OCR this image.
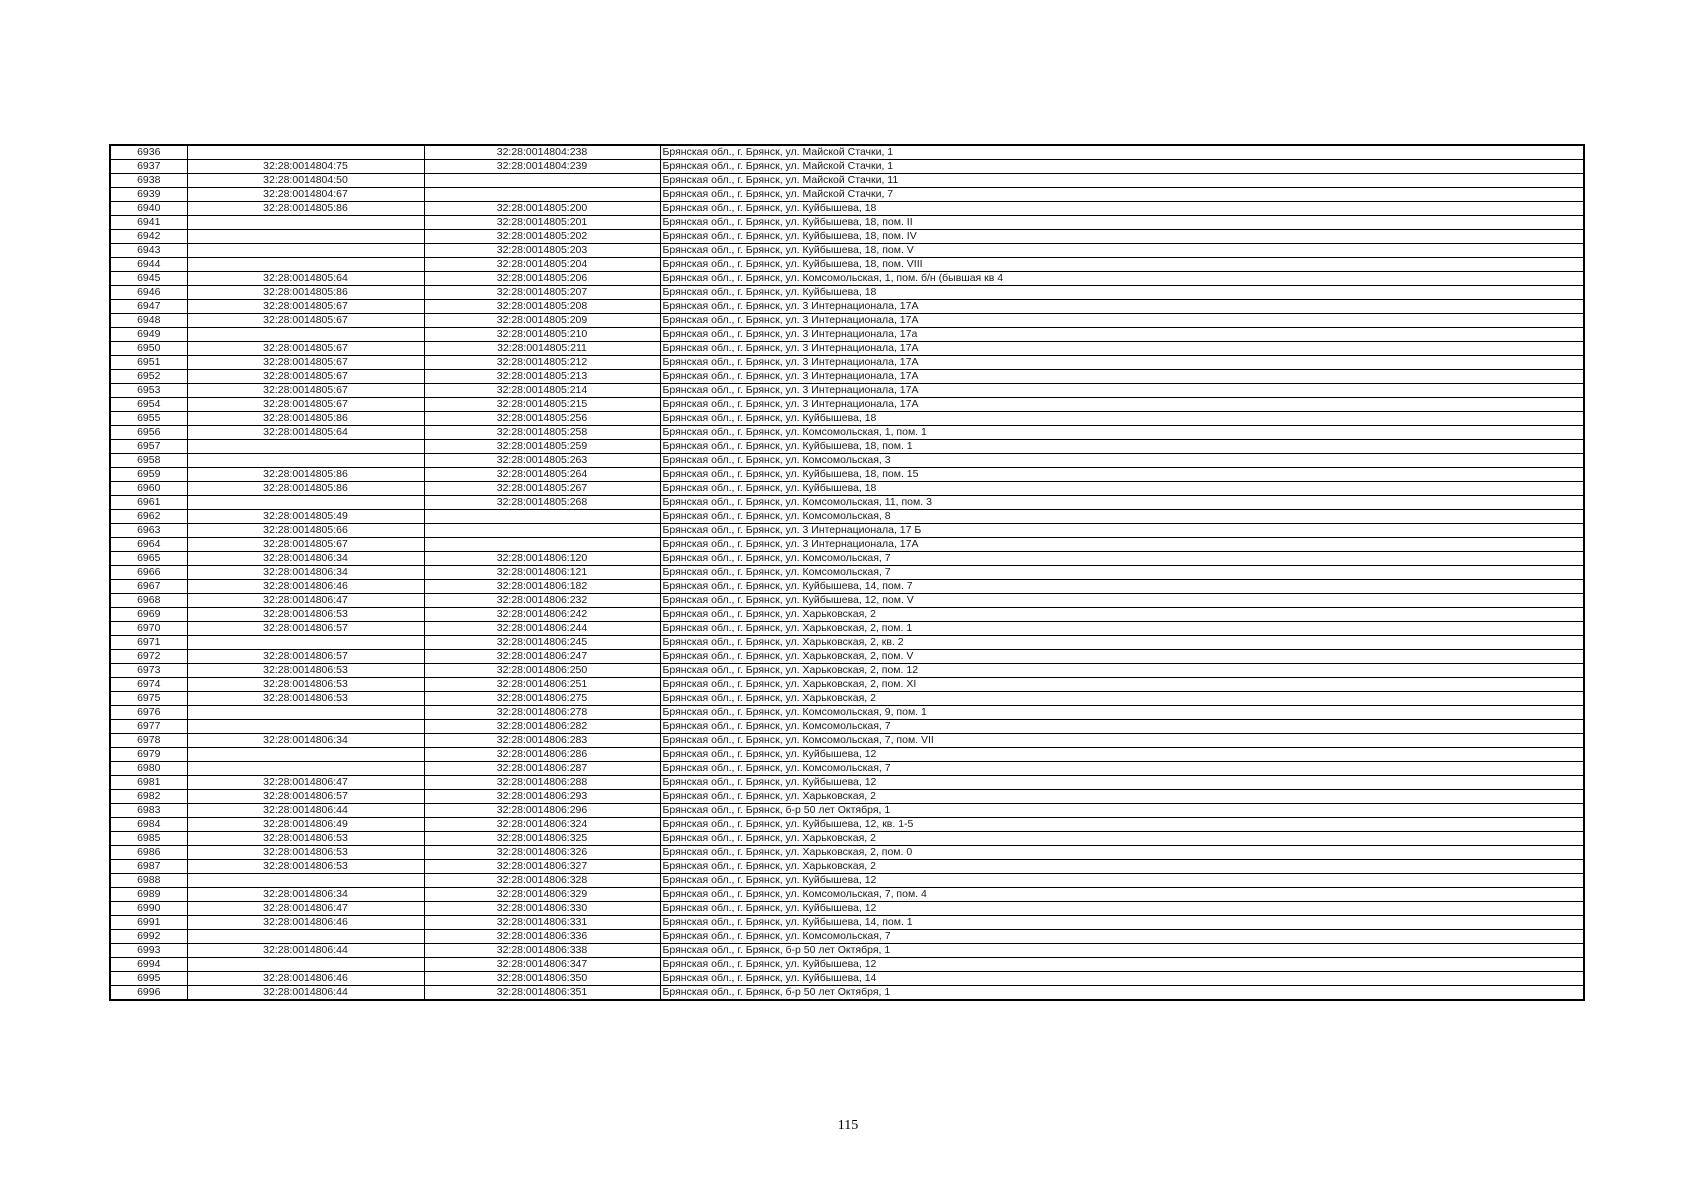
6936		32:28:0014804:238	Брянская обл., г. Брянск, ул. Майской Стачки, 1
6937	32:28:0014804:75	32:28:0014804:239	Брянская обл., г. Брянск, ул. Майской Стачки, 1
6938	32:28:0014804:50		Брянская обл., г. Брянск, ул. Майской Стачки, 11
6939	32:28:0014804:67		Брянская обл., г. Брянск, ул. Майской Стачки, 7
6940	32:28:0014805:86	32:28:0014805:200	Брянская обл., г. Брянск, ул. Куйбышева, 18
6941		32:28:0014805:201	Брянская обл., г. Брянск, ул. Куйбышева, 18, пом. II
6942		32:28:0014805:202	Брянская обл., г. Брянск, ул. Куйбышева, 18, пом. IV
6943		32:28:0014805:203	Брянская обл., г. Брянск, ул. Куйбышева, 18, пом. V
6944		32:28:0014805:204	Брянская обл., г. Брянск, ул. Куйбышева, 18, пом. VIII
6945	32:28:0014805:64	32:28:0014805:206	Брянская обл., г. Брянск, ул. Комсомольская, 1, пом. б/н (бывшая кв 4
6946	32:28:0014805:86	32:28:0014805:207	Брянская обл., г. Брянск, ул. Куйбышева, 18
6947	32:28:0014805:67	32:28:0014805:208	Брянская обл., г. Брянск, ул. 3 Интернационала, 17А
6948	32:28:0014805:67	32:28:0014805:209	Брянская обл., г. Брянск, ул. 3 Интернационала, 17А
6949		32:28:0014805:210	Брянская обл., г. Брянск, ул. 3 Интернационала, 17а
6950	32:28:0014805:67	32:28:0014805:211	Брянская обл., г. Брянск, ул. 3 Интернационала, 17А
6951	32:28:0014805:67	32:28:0014805:212	Брянская обл., г. Брянск, ул. 3 Интернационала, 17А
6952	32:28:0014805:67	32:28:0014805:213	Брянская обл., г. Брянск, ул. 3 Интернационала, 17А
6953	32:28:0014805:67	32:28:0014805:214	Брянская обл., г. Брянск, ул. 3 Интернационала, 17А
6954	32:28:0014805:67	32:28:0014805:215	Брянская обл., г. Брянск, ул. 3 Интернационала, 17А
6955	32:28:0014805:86	32:28:0014805:256	Брянская обл., г. Брянск, ул. Куйбышева, 18
6956	32:28:0014805:64	32:28:0014805:258	Брянская обл., г. Брянск, ул. Комсомольская, 1, пом. 1
6957		32:28:0014805:259	Брянская обл., г. Брянск, ул. Куйбышева, 18, пом. 1
6958		32:28:0014805:263	Брянская обл., г. Брянск, ул. Комсомольская, 3
6959	32:28:0014805:86	32:28:0014805:264	Брянская обл., г. Брянск, ул. Куйбышева, 18, пом. 15
6960	32:28:0014805:86	32:28:0014805:267	Брянская обл., г. Брянск, ул. Куйбышева, 18
6961		32:28:0014805:268	Брянская обл., г. Брянск, ул. Комсомольская, 11, пом. 3
6962	32:28:0014805:49		Брянская обл., г. Брянск, ул. Комсомольская, 8
6963	32:28:0014805:66		Брянская обл., г. Брянск, ул. 3 Интернационала, 17 Б
6964	32:28:0014805:67		Брянская обл., г. Брянск, ул. 3 Интернационала, 17А
6965	32:28:0014806:34	32:28:0014806:120	Брянская обл., г. Брянск, ул. Комсомольская, 7
6966	32:28:0014806:34	32:28:0014806:121	Брянская обл., г. Брянск, ул. Комсомольская, 7
6967	32:28:0014806:46	32:28:0014806:182	Брянская обл., г. Брянск, ул. Куйбышева, 14, пом. 7
6968	32:28:0014806:47	32:28:0014806:232	Брянская обл., г. Брянск, ул. Куйбышева, 12, пом. V
6969	32:28:0014806:53	32:28:0014806:242	Брянская обл., г. Брянск, ул. Харьковская, 2
6970	32:28:0014806:57	32:28:0014806:244	Брянская обл., г. Брянск, ул. Харьковская, 2, пом. 1
6971		32:28:0014806:245	Брянская обл., г. Брянск, ул. Харьковская, 2, кв. 2
6972	32:28:0014806:57	32:28:0014806:247	Брянская обл., г. Брянск, ул. Харьковская, 2, пом. V
6973	32:28:0014806:53	32:28:0014806:250	Брянская обл., г. Брянск, ул. Харьковская, 2, пом. 12
6974	32:28:0014806:53	32:28:0014806:251	Брянская обл., г. Брянск, ул. Харьковская, 2, пом. XI
6975	32:28:0014806:53	32:28:0014806:275	Брянская обл., г. Брянск, ул. Харьковская, 2
6976		32:28:0014806:278	Брянская обл., г. Брянск, ул. Комсомольская, 9, пом. 1
6977		32:28:0014806:282	Брянская обл., г. Брянск, ул. Комсомольская, 7
6978	32:28:0014806:34	32:28:0014806:283	Брянская обл., г. Брянск, ул. Комсомольская, 7, пом. VII
6979		32:28:0014806:286	Брянская обл., г. Брянск, ул. Куйбышева, 12
6980		32:28:0014806:287	Брянская обл., г. Брянск, ул. Комсомольская, 7
6981	32:28:0014806:47	32:28:0014806:288	Брянская обл., г. Брянск, ул. Куйбышева, 12
6982	32:28:0014806:57	32:28:0014806:293	Брянская обл., г. Брянск, ул. Харьковская, 2
6983	32:28:0014806:44	32:28:0014806:296	Брянская обл., г. Брянск, б-р 50 лет Октября, 1
6984	32:28:0014806:49	32:28:0014806:324	Брянская обл., г. Брянск, ул. Куйбышева, 12, кв. 1-5
6985	32:28:0014806:53	32:28:0014806:325	Брянская обл., г. Брянск, ул. Харьковская, 2
6986	32:28:0014806:53	32:28:0014806:326	Брянская обл., г. Брянск, ул. Харьковская, 2, пом. 0
6987	32:28:0014806:53	32:28:0014806:327	Брянская обл., г. Брянск, ул. Харьковская, 2
6988		32:28:0014806:328	Брянская обл., г. Брянск, ул. Куйбышева, 12
6989	32:28:0014806:34	32:28:0014806:329	Брянская обл., г. Брянск, ул. Комсомольская, 7, пом. 4
6990	32:28:0014806:47	32:28:0014806:330	Брянская обл., г. Брянск, ул. Куйбышева, 12
6991	32:28:0014806:46	32:28:0014806:331	Брянская обл., г. Брянск, ул. Куйбышева, 14, пом. 1
6992		32:28:0014806:336	Брянская обл., г. Брянск, ул. Комсомольская, 7
6993	32:28:0014806:44	32:28:0014806:338	Брянская обл., г. Брянск, б-р 50 лет Октября, 1
6994		32:28:0014806:347	Брянская обл., г. Брянск, ул. Куйбышева, 12
6995	32:28:0014806:46	32:28:0014806:350	Брянская обл., г. Брянск, ул. Куйбышева, 14
6996	32:28:0014806:44	32:28:0014806:351	Брянская обл., г. Брянск, б-р 50 лет Октября, 1
115
